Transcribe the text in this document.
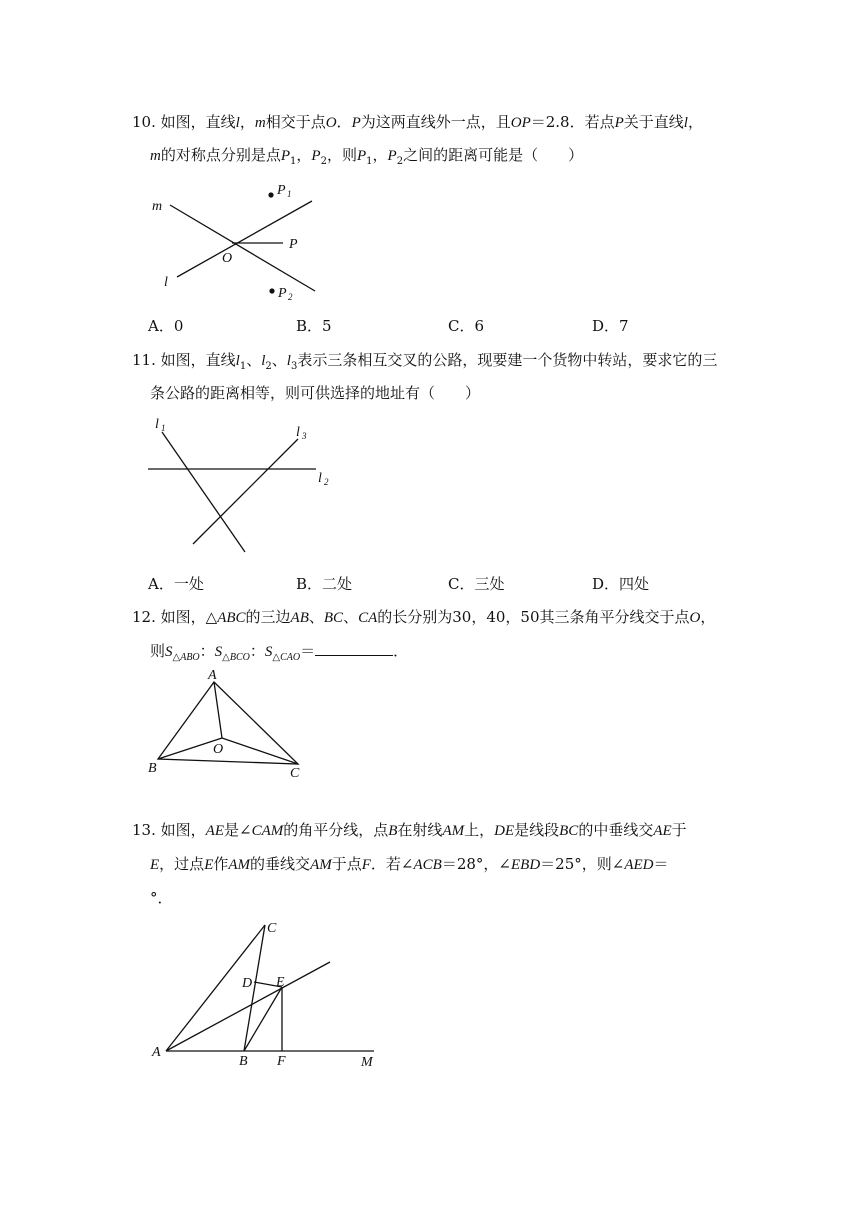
10. 如图，直线l，m相交于点O．P为这两直线外一点，且OP＝2.8．若点P关于直线l，
m的对称点分别是点$P_1$，$P_2$，则$P_1$，$P_2$之间的距离可能是（　　）
m
l
O
P
P 1
P 2
A．0	B．5	C．6	D．7
11. 如图，直线$l_1$、$l_2$、$l_3$表示三条相互交叉的公路，现要建一个货物中转站，要求它的三
条公路的距离相等，则可供选择的地址有（　　）
l 1	l 3
l 2
A．一处	B．二处	C．三处	D．四处
12. 如图，△ABC的三边AB、BC、CA的长分别为30，40，50其三条角平分线交于点O，
则$S_{\triangle ABO}$：$S_{\triangle BCO}$：$S_{\triangle CAO}=$	．
A
B	C
O
13. 如图，AE是∠CAM的角平分线，点B在射线AM上，DE是线段BC的中垂线交AE于
E，过点E作AM的垂线交AM于点F．若∠ACB＝28°，∠EBD＝25°，则∠AED＝
°．
C
D E
A
B F	M
